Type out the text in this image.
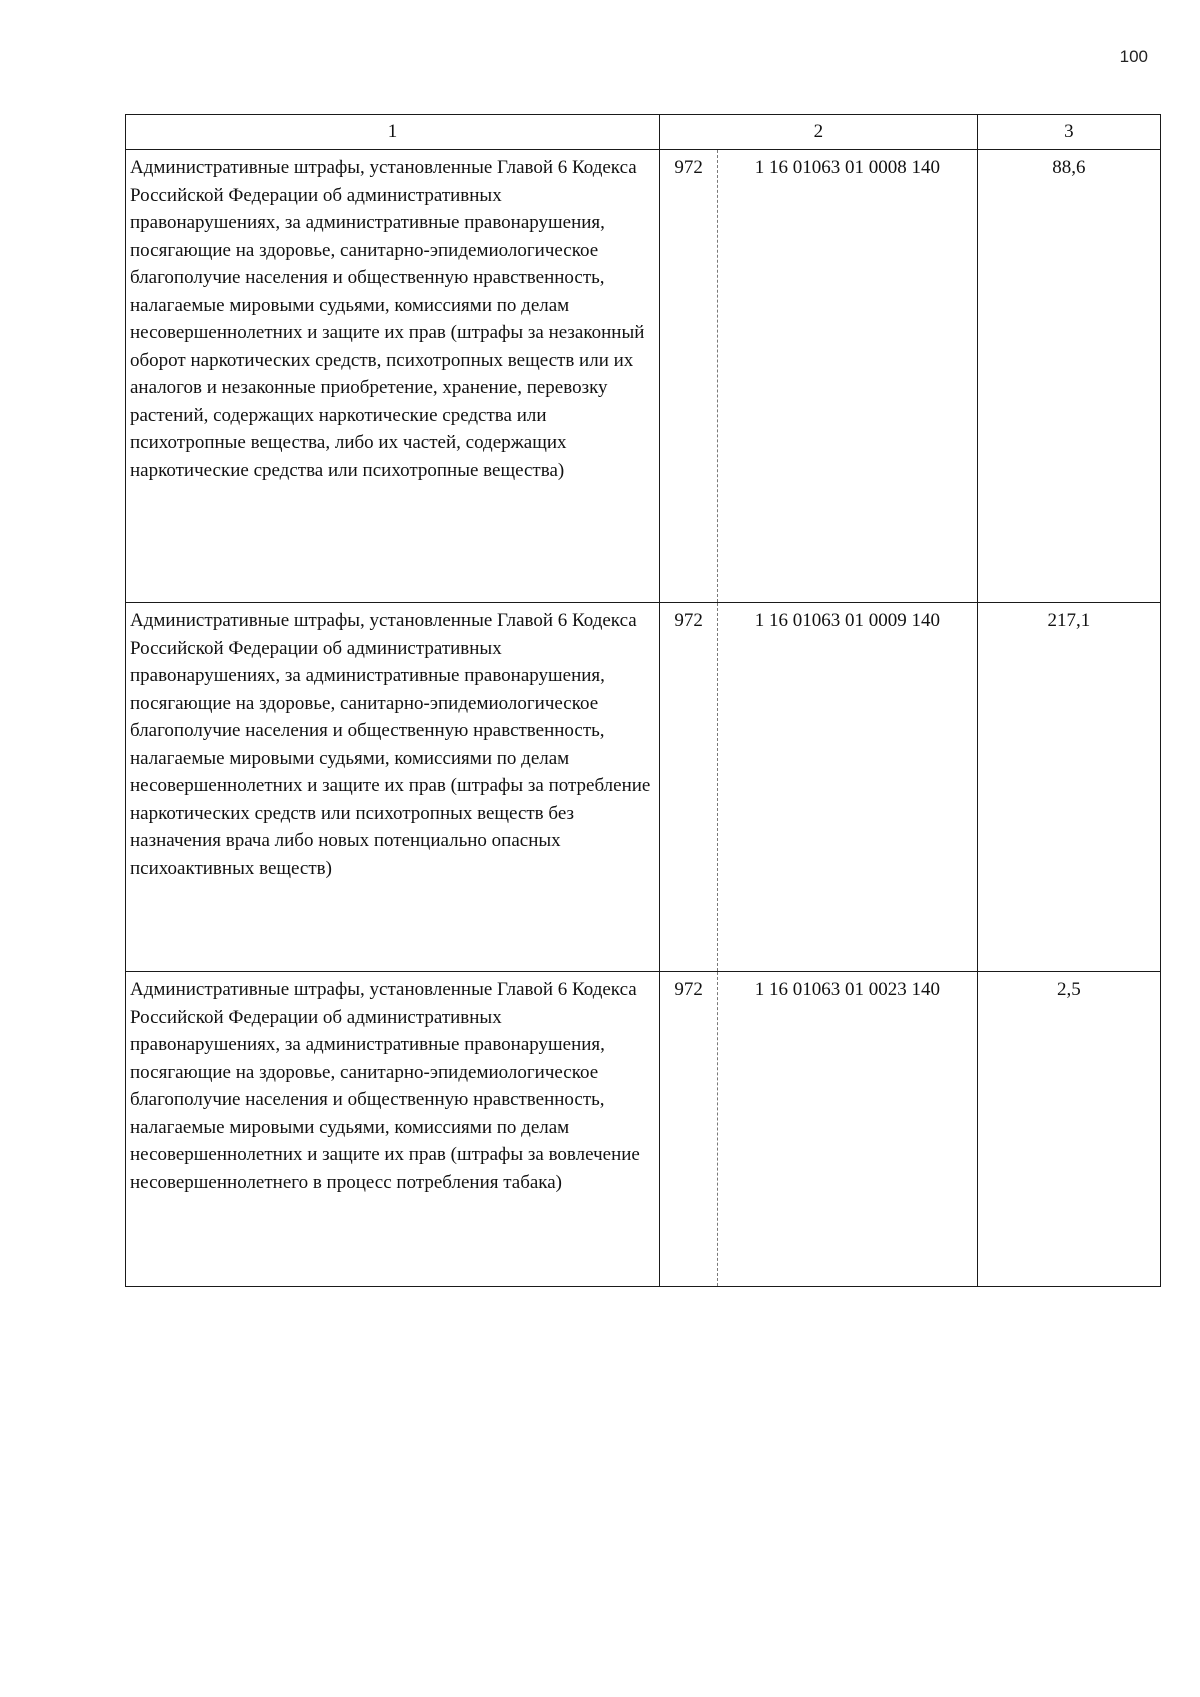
100
1	2		3
Административные штрафы, установленные Главой 6 Кодекса Российской Федерации об административных правонарушениях, за административные правонарушения, посягающие на здоровье, санитарно-эпидемиологическое благополучие населения и общественную нравственность, налагаемые мировыми судьями, комиссиями по делам несовершеннолетних и защите их прав (штрафы за незаконный оборот наркотических средств, психотропных веществ или их аналогов и незаконные приобретение, хранение, перевозку растений, содержащих наркотические средства или психотропные вещества, либо их частей, содержащих наркотические средства или психотропные вещества)	972	1 16 01063 01 0008 140	88,6
Административные штрафы, установленные Главой 6 Кодекса Российской Федерации об административных правонарушениях, за административные правонарушения, посягающие на здоровье, санитарно-эпидемиологическое благополучие населения и общественную нравственность, налагаемые мировыми судьями, комиссиями по делам несовершеннолетних и защите их прав (штрафы за потребление наркотических средств или психотропных веществ без назначения врача либо новых потенциально опасных психоактивных веществ)	972	1 16 01063 01 0009 140	217,1
Административные штрафы, установленные Главой 6 Кодекса Российской Федерации об административных правонарушениях, за административные правонарушения, посягающие на здоровье, санитарно-эпидемиологическое благополучие населения и общественную нравственность, налагаемые мировыми судьями, комиссиями по делам несовершеннолетних и защите их прав (штрафы за вовлечение несовершеннолетнего в процесс потребления табака)	972	1 16 01063 01 0023 140	2,5
